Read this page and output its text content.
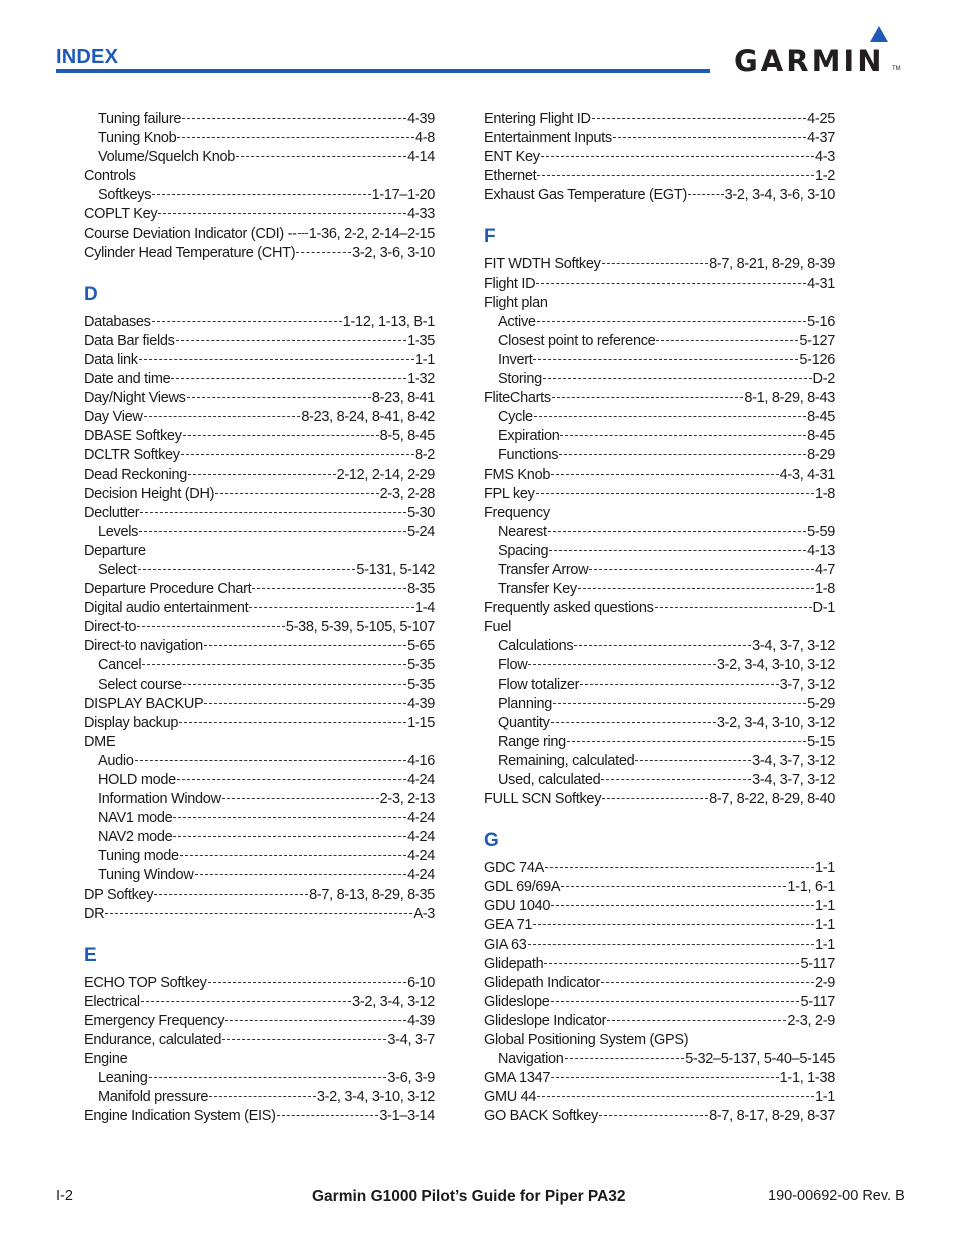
INDEX	GARMIN TM
Tuning failure	4-39
Tuning Knob	4-8
Volume/Squelch Knob	4-14
Controls
Softkeys	1-17–1-20
COPLT Key	4-33
Course Deviation Indicator (CDI) -- 1-36, 2-2, 2-14–2-15
Cylinder Head Temperature (CHT)	3-2, 3-6, 3-10
D
Databases	1-12, 1-13, B-1
Data Bar fields	1-35
Data link	1-1
Date and time	1-32
Day/Night Views	8-23, 8-41
Day View	8-23, 8-24, 8-41, 8-42
DBASE Softkey	8-5, 8-45
DCLTR Softkey	8-2
Dead Reckoning	2-12, 2-14, 2-29
Decision Height (DH)	2-3, 2-28
Declutter	5-30
Levels	5-24
Departure
Select	5-131, 5-142
Departure Procedure Chart	8-35
Digital audio entertainment	1-4
Direct-to	5-38, 5-39, 5-105, 5-107
Direct-to navigation	5-65
Cancel	5-35
Select course	5-35
DISPLAY BACKUP	4-39
Display backup	1-15
DME
Audio	4-16
HOLD mode	4-24
Information Window	2-3, 2-13
NAV1 mode	4-24
NAV2 mode	4-24
Tuning mode	4-24
Tuning Window	4-24
DP Softkey	8-7, 8-13, 8-29, 8-35
DR	A-3
E
ECHO TOP Softkey	6-10
Electrical	3-2, 3-4, 3-12
Emergency Frequency	4-39
Endurance, calculated	3-4, 3-7
Engine
Leaning	3-6, 3-9
Manifold pressure	3-2, 3-4, 3-10, 3-12
Engine Indication System (EIS)	3-1–3-14
Entering Flight ID	4-25
Entertainment Inputs	4-37
ENT Key	4-3
Ethernet	1-2
Exhaust Gas Temperature (EGT)	3-2, 3-4, 3-6, 3-10
F
FIT WDTH Softkey	8-7, 8-21, 8-29, 8-39
Flight ID	4-31
Flight plan
Active	5-16
Closest point to reference	5-127
Invert	5-126
Storing	D-2
FliteCharts	8-1, 8-29, 8-43
Cycle	8-45
Expiration	8-45
Functions	8-29
FMS Knob	4-3, 4-31
FPL key	1-8
Frequency
Nearest	5-59
Spacing	4-13
Transfer Arrow	4-7
Transfer Key	1-8
Frequently asked questions	D-1
Fuel
Calculations	3-4, 3-7, 3-12
Flow	3-2, 3-4, 3-10, 3-12
Flow totalizer	3-7, 3-12
Planning	5-29
Quantity	3-2, 3-4, 3-10, 3-12
Range ring	5-15
Remaining, calculated	3-4, 3-7, 3-12
Used, calculated	3-4, 3-7, 3-12
FULL SCN Softkey	8-7, 8-22, 8-29, 8-40
G
GDC 74A	1-1
GDL 69/69A	1-1, 6-1
GDU 1040	1-1
GEA 71	1-1
GIA 63	1-1
Glidepath	5-117
Glidepath Indicator	2-9
Glideslope	5-117
Glideslope Indicator	2-3, 2-9
Global Positioning System (GPS)
Navigation	5-32–5-137, 5-40–5-145
GMA 1347	1-1, 1-38
GMU 44	1-1
GO BACK Softkey	8-7, 8-17, 8-29, 8-37
I-2	Garmin G1000 Pilot’s Guide for Piper PA32	190-00692-00 Rev. B
